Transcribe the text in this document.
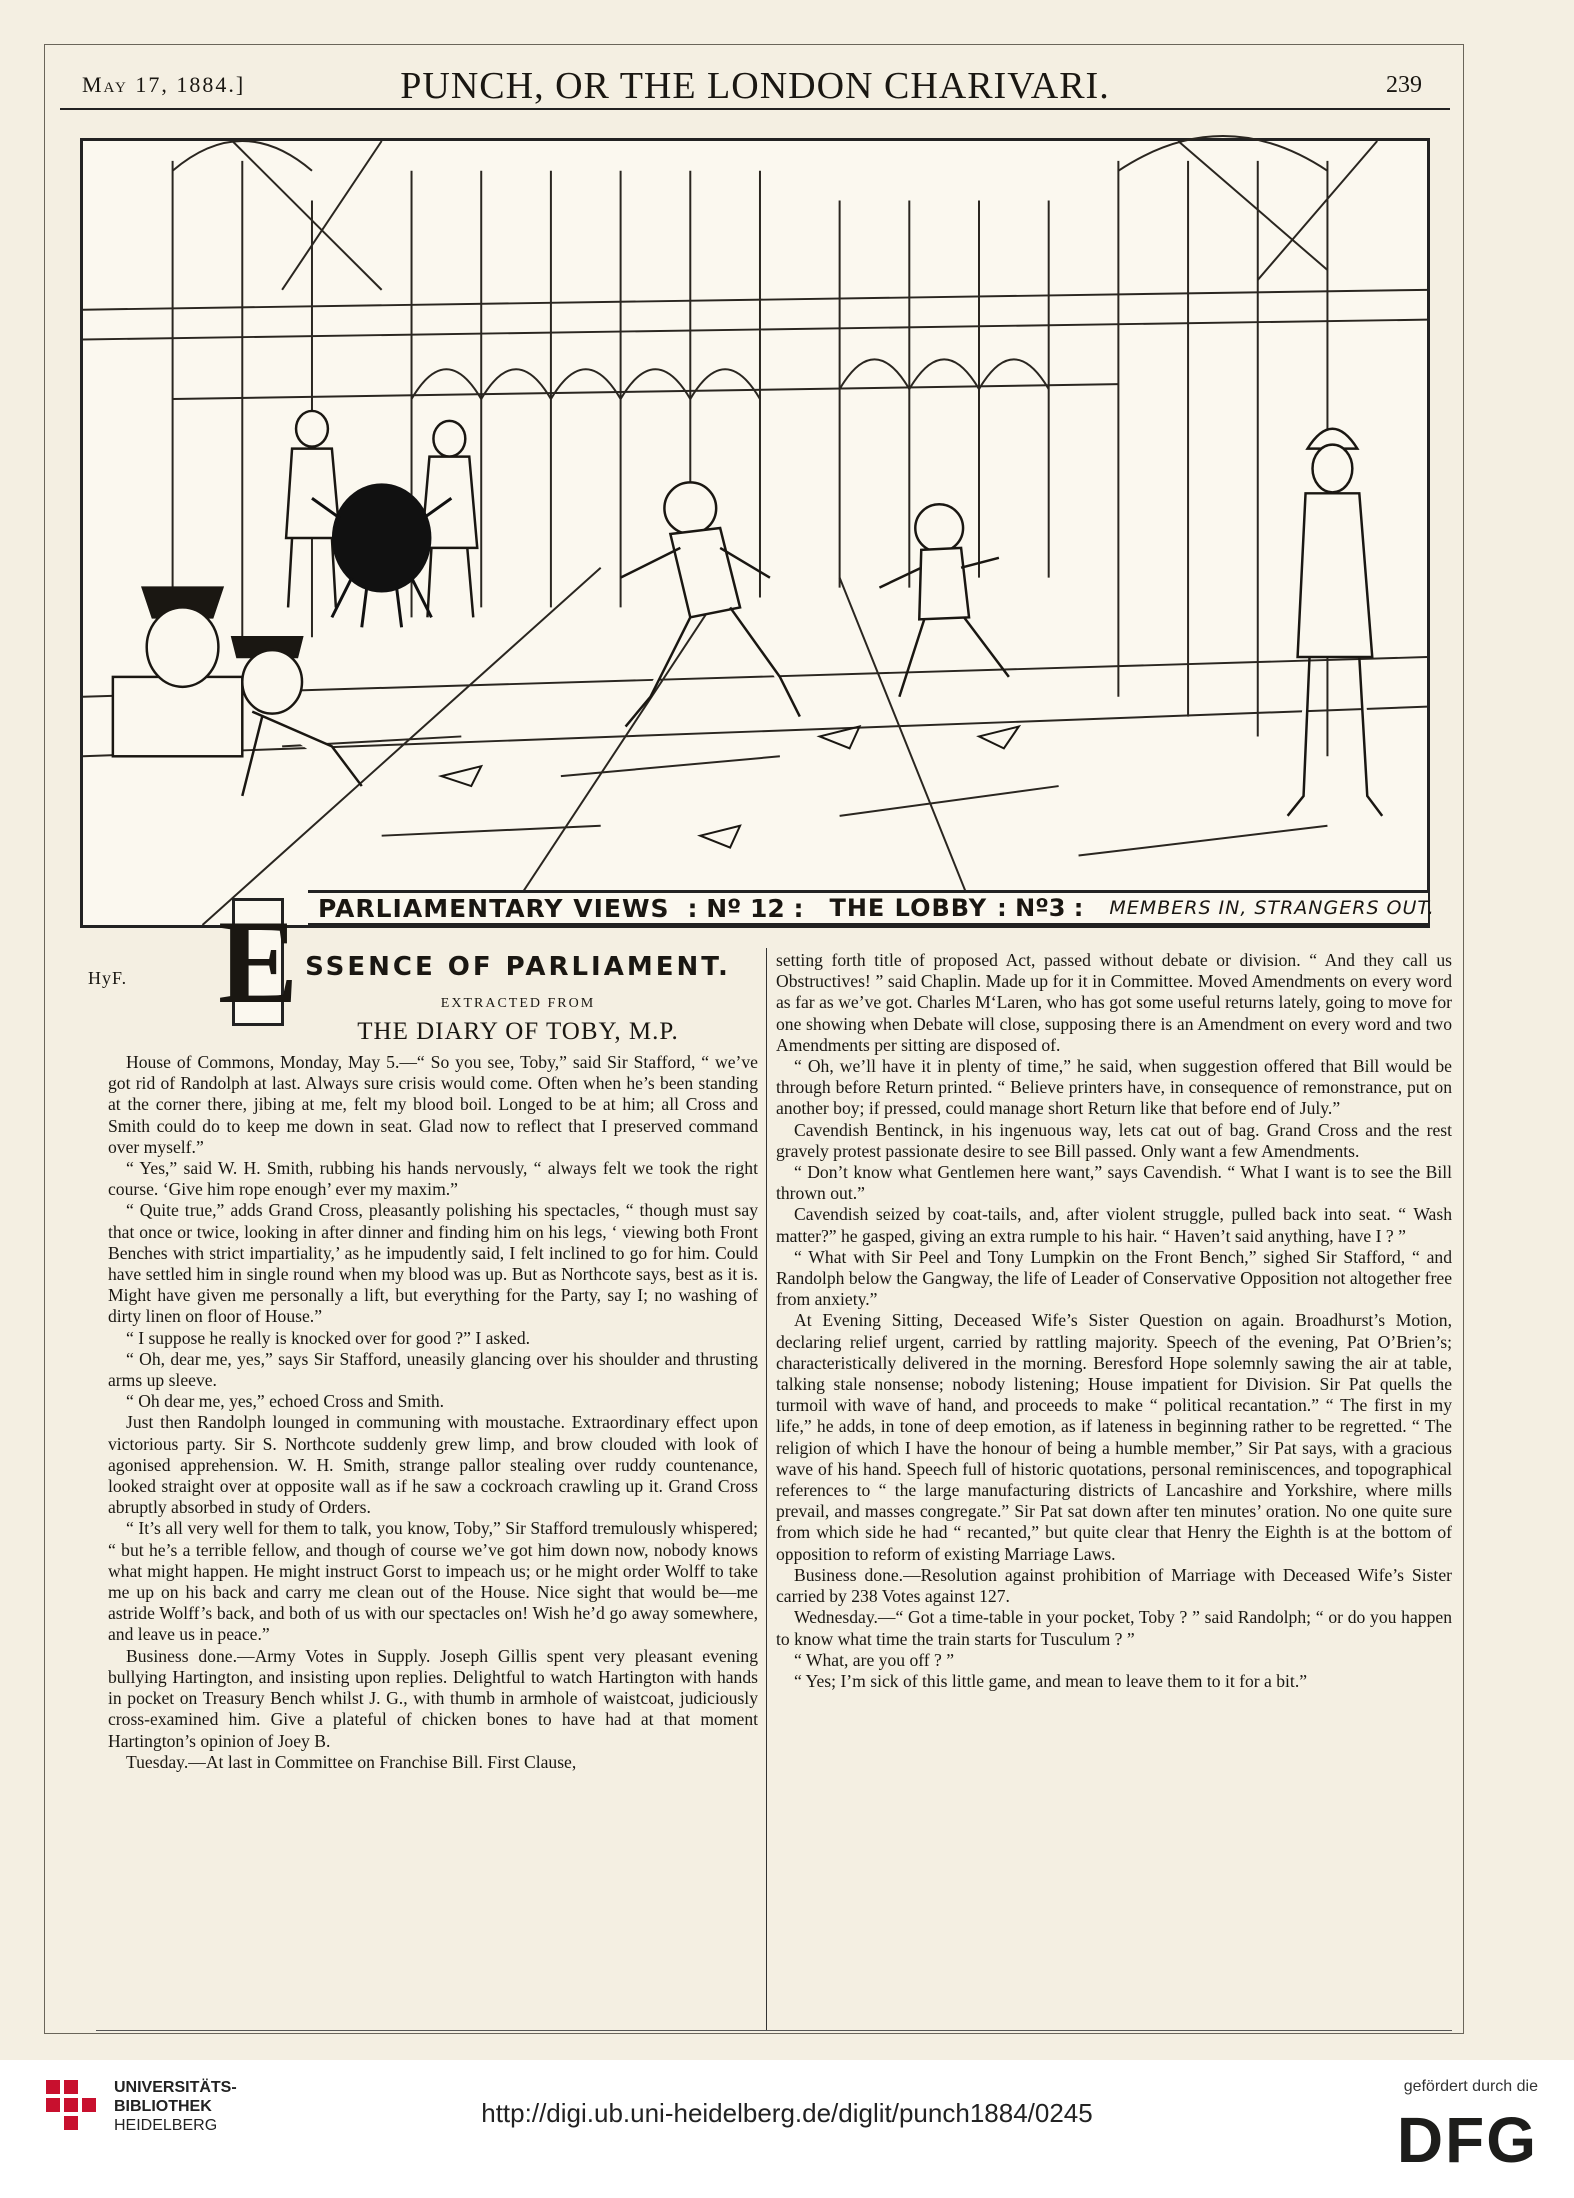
May 17, 1884.]	PUNCH, OR THE LONDON CHARIVARI.	239
PARLIAMENTARY VIEWS : Nº 12 : THE LOBBY : Nº3 : MEMBERS IN, STRANGERS OUT.
E
HyF.	SSENCE OF PARLIAMENT.
EXTRACTED FROM
THE DIARY OF TOBY, M.P.

House of Commons, Monday, May 5.—“ So you see, Toby,” said Sir Stafford, “ we’ve got rid of Randolph at last. Always sure crisis would come. Often when he’s been standing at the corner there, jibing at me, felt my blood boil. Longed to be at him; all Cross and Smith could do to keep me down in seat. Glad now to reflect that I preserved command over myself.”

“ Yes,” said W. H. Smith, rubbing his hands nervously, “ always felt we took the right course. ‘Give him rope enough’ ever my maxim.”

“ Quite true,” adds Grand Cross, pleasantly polishing his spectacles, “ though must say that once or twice, looking in after dinner and finding him on his legs, ‘ viewing both Front Benches with strict impartiality,’ as he impudently said, I felt inclined to go for him. Could have settled him in single round when my blood was up. But as Northcote says, best as it is. Might have given me personally a lift, but everything for the Party, say I; no washing of dirty linen on floor of House.”

“ I suppose he really is knocked over for good ?” I asked.

“ Oh, dear me, yes,” says Sir Stafford, uneasily glancing over his shoulder and thrusting arms up sleeve.

“ Oh dear me, yes,” echoed Cross and Smith.

Just then Randolph lounged in communing with moustache. Extraordinary effect upon victorious party. Sir S. Northcote suddenly grew limp, and brow clouded with look of agonised apprehension. W. H. Smith, strange pallor stealing over ruddy countenance, looked straight over at opposite wall as if he saw a cockroach crawling up it. Grand Cross abruptly absorbed in study of Orders.

“ It’s all very well for them to talk, you know, Toby,” Sir Stafford tremulously whispered; “ but he’s a terrible fellow, and though of course we’ve got him down now, nobody knows what might happen. He might instruct Gorst to impeach us; or he might order Wolff to take me up on his back and carry me clean out of the House. Nice sight that would be—me astride Wolff’s back, and both of us with our spectacles on! Wish he’d go away somewhere, and leave us in peace.”

Business done.—Army Votes in Supply. Joseph Gillis spent very pleasant evening bullying Hartington, and insisting upon replies. Delightful to watch Hartington with hands in pocket on Treasury Bench whilst J. G., with thumb in armhole of waistcoat, judiciously cross-examined him. Give a plateful of chicken bones to have had at that moment Hartington’s opinion of Joey B.

Tuesday.—At last in Committee on Franchise Bill. First Clause,

setting forth title of proposed Act, passed without debate or division. “ And they call us Obstructives! ” said Chaplin. Made up for it in Committee. Moved Amendments on every word as far as we’ve got. Charles M‘Laren, who has got some useful returns lately, going to move for one showing when Debate will close, supposing there is an Amendment on every word and two Amendments per sitting are disposed of.

“ Oh, we’ll have it in plenty of time,” he said, when suggestion offered that Bill would be through before Return printed. “ Believe printers have, in consequence of remonstrance, put on another boy; if pressed, could manage short Return like that before end of July.”

Cavendish Bentinck, in his ingenuous way, lets cat out of bag. Grand Cross and the rest gravely protest passionate desire to see Bill passed. Only want a few Amendments.

“ Don’t know what Gentlemen here want,” says Cavendish. “ What I want is to see the Bill thrown out.”

Cavendish seized by coat-tails, and, after violent struggle, pulled back into seat. “ Wash matter?” he gasped, giving an extra rumple to his hair. “ Haven’t said anything, have I ? ”

“ What with Sir Peel and Tony Lumpkin on the Front Bench,” sighed Sir Stafford, “ and Randolph below the Gangway, the life of Leader of Conservative Opposition not altogether free from anxiety.”

At Evening Sitting, Deceased Wife’s Sister Question on again. Broadhurst’s Motion, declaring relief urgent, carried by rattling majority. Speech of the evening, Pat O’Brien’s; characteristically delivered in the morning. Beresford Hope solemnly sawing the air at table, talking stale nonsense; nobody listening; House impatient for Division. Sir Pat quells the turmoil with wave of hand, and proceeds to make “ political recantation.” “ The first in my life,” he adds, in tone of deep emotion, as if lateness in beginning rather to be regretted. “ The religion of which I have the honour of being a humble member,” Sir Pat says, with a gracious wave of his hand. Speech full of historic quotations, personal reminiscences, and topographical references to “ the large manufacturing districts of Lancashire and Yorkshire, where mills prevail, and masses congregate.” Sir Pat sat down after ten minutes’ oration. No one quite sure from which side he had “ recanted,” but quite clear that Henry the Eighth is at the bottom of opposition to reform of existing Marriage Laws.

Business done.—Resolution against prohibition of Marriage with Deceased Wife’s Sister carried by 238 Votes against 127.

Wednesday.—“ Got a time-table in your pocket, Toby ? ” said Randolph; “ or do you happen to know what time the train starts for Tusculum ? ”

“ What, are you off ? ”

“ Yes; I’m sick of this little game, and mean to leave them to it for a bit.”

UNIVERSITÄTS-
BIBLIOTHEK
HEIDELBERG	http://digi.ub.uni-heidelberg.de/diglit/punch1884/0245
gefördert durch die
DFG
